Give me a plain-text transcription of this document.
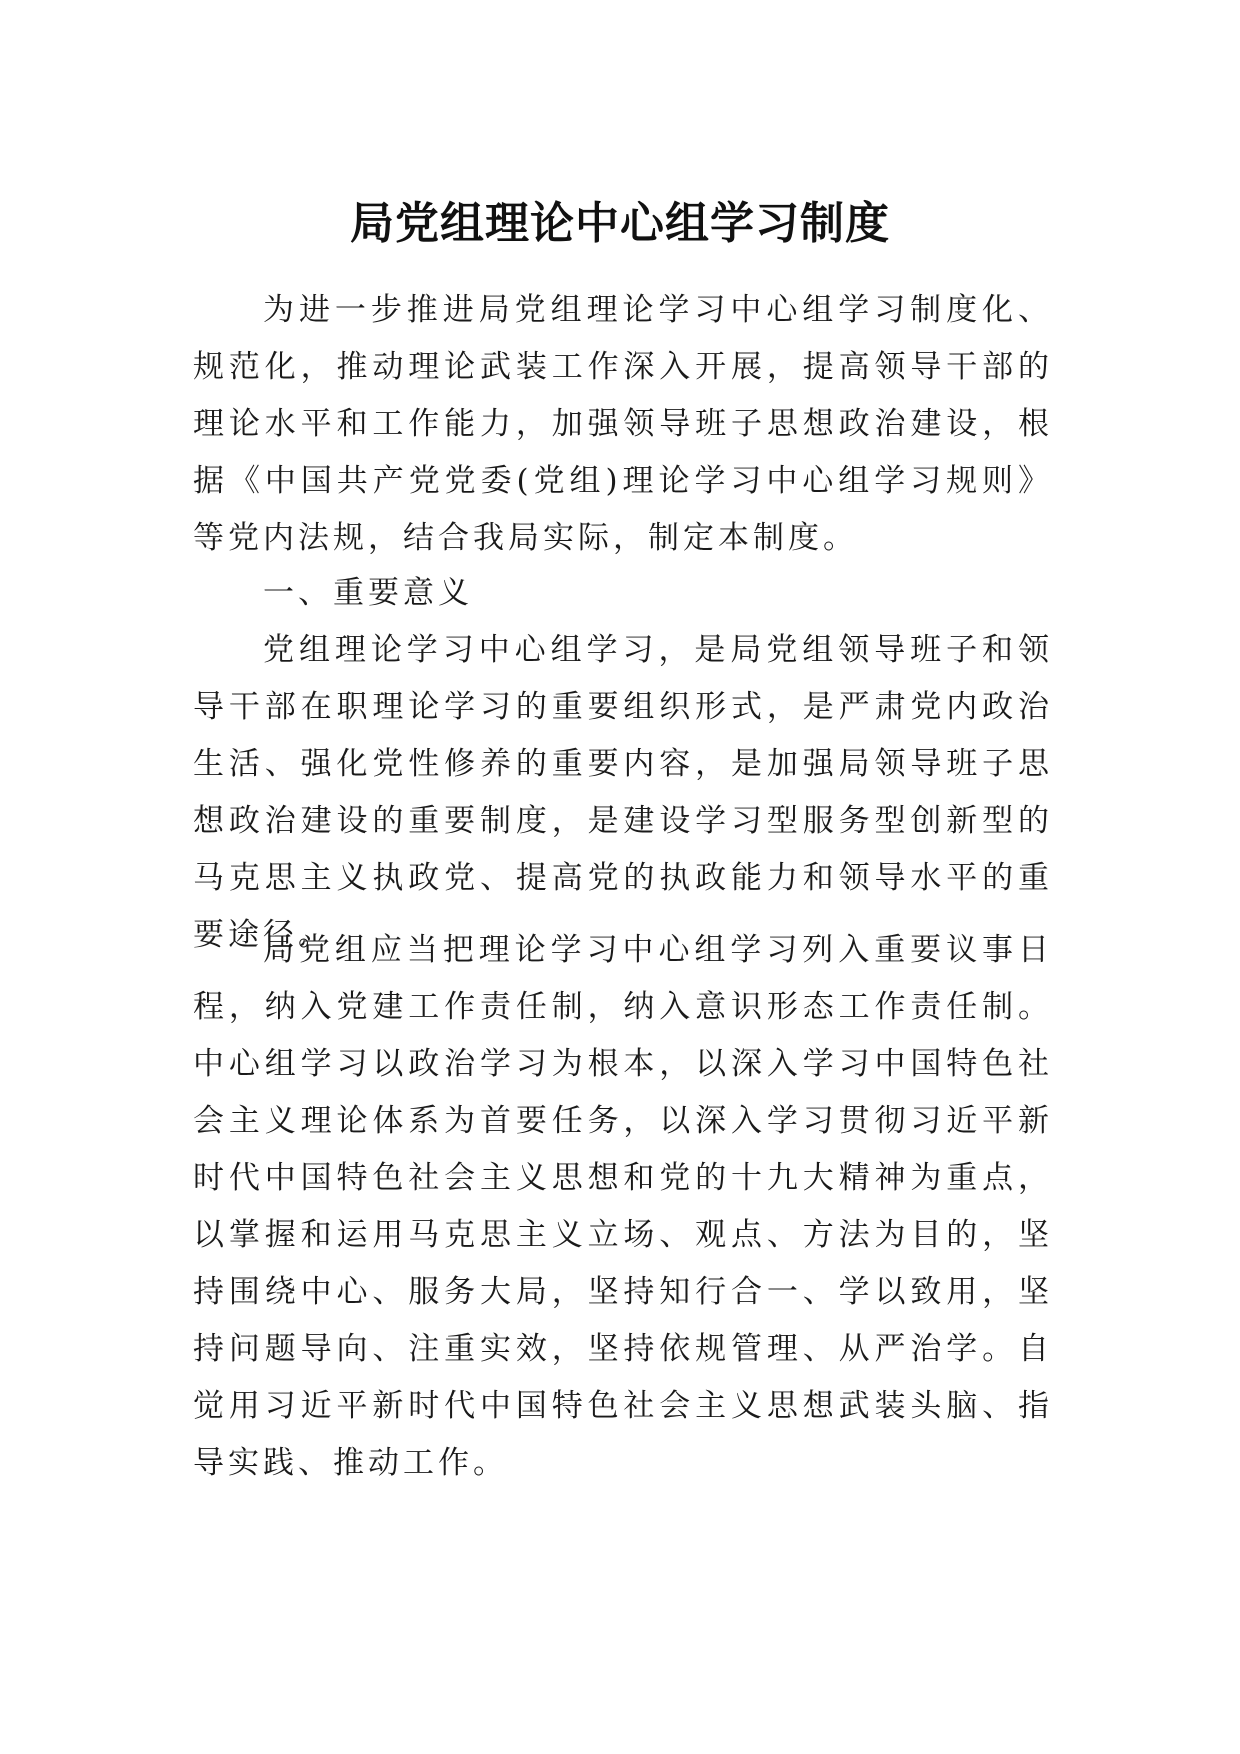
局党组理论中心组学习制度

为进一步推进局党组理论学习中心组学习制度化、规范化，推动理论武装工作深入开展，提高领导干部的理论水平和工作能力，加强领导班子思想政治建设，根据《中国共产党党委(党组)理论学习中心组学习规则》等党内法规，结合我局实际，制定本制度。

一、重要意义

党组理论学习中心组学习，是局党组领导班子和领导干部在职理论学习的重要组织形式，是严肃党内政治生活、强化党性修养的重要内容，是加强局领导班子思想政治建设的重要制度，是建设学习型服务型创新型的马克思主义执政党、提高党的执政能力和领导水平的重要途径。

局党组应当把理论学习中心组学习列入重要议事日程，纳入党建工作责任制，纳入意识形态工作责任制。中心组学习以政治学习为根本，以深入学习中国特色社会主义理论体系为首要任务，以深入学习贯彻习近平新时代中国特色社会主义思想和党的十九大精神为重点，以掌握和运用马克思主义立场、观点、方法为目的，坚持围绕中心、服务大局，坚持知行合一、学以致用，坚持问题导向、注重实效，坚持依规管理、从严治学。自觉用习近平新时代中国特色社会主义思想武装头脑、指导实践、推动工作。
